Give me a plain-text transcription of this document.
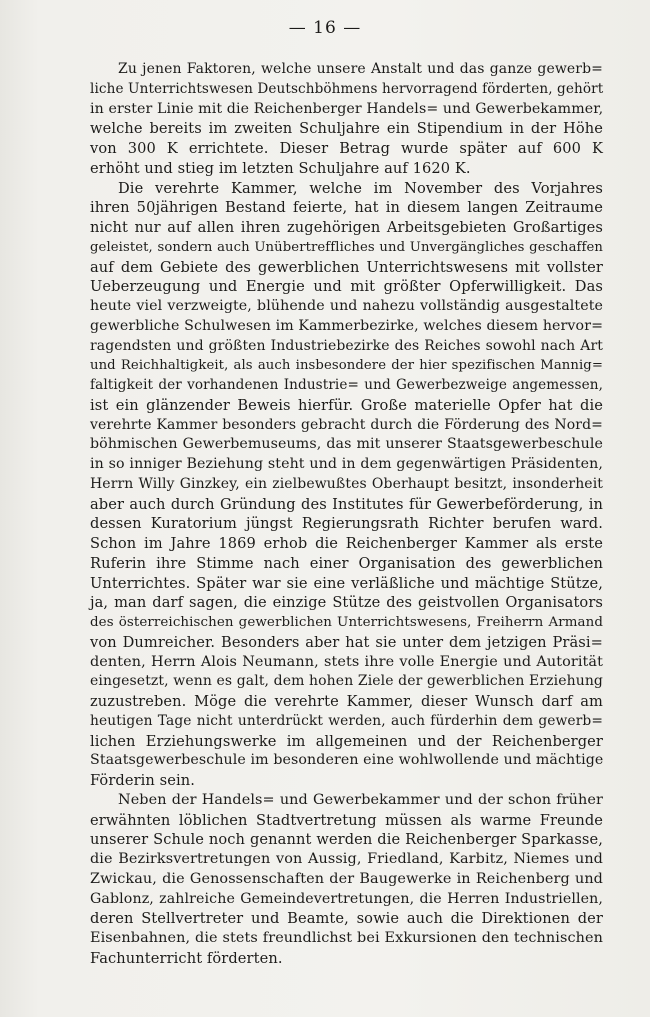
— 16 —
Zu jenen Faktoren, welche unsere Anstalt und das ganze gewerb=
liche Unterrichtswesen Deutschböhmens hervorragend förderten, gehört
in erster Linie mit die Reichenberger Handels= und Gewerbekammer,
welche bereits im zweiten Schuljahre ein Stipendium in der Höhe
von 300 K errichtete. Dieser Betrag wurde später auf 600 K
erhöht und stieg im letzten Schuljahre auf 1620 K.
Die verehrte Kammer, welche im November des Vorjahres
ihren 50jährigen Bestand feierte, hat in diesem langen Zeitraume
nicht nur auf allen ihren zugehörigen Arbeitsgebieten Großartiges
geleistet, sondern auch Unübertreffliches und Unvergängliches geschaffen
auf dem Gebiete des gewerblichen Unterrichtswesens mit vollster
Ueberzeugung und Energie und mit größter Opferwilligkeit. Das
heute viel verzweigte, blühende und nahezu vollständig ausgestaltete
gewerbliche Schulwesen im Kammerbezirke, welches diesem hervor=
ragendsten und größten Industriebezirke des Reiches sowohl nach Art
und Reichhaltigkeit, als auch insbesondere der hier spezifischen Mannig=
faltigkeit der vorhandenen Industrie= und Gewerbezweige angemessen,
ist ein glänzender Beweis hierfür. Große materielle Opfer hat die
verehrte Kammer besonders gebracht durch die Förderung des Nord=
böhmischen Gewerbemuseums, das mit unserer Staatsgewerbeschule
in so inniger Beziehung steht und in dem gegenwärtigen Präsidenten,
Herrn Willy Ginzkey, ein zielbewußtes Oberhaupt besitzt, insonderheit
aber auch durch Gründung des Institutes für Gewerbeförderung, in
dessen Kuratorium jüngst Regierungsrath Richter berufen ward.
Schon im Jahre 1869 erhob die Reichenberger Kammer als erste
Ruferin ihre Stimme nach einer Organisation des gewerblichen
Unterrichtes. Später war sie eine verläßliche und mächtige Stütze,
ja, man darf sagen, die einzige Stütze des geistvollen Organisators
des österreichischen gewerblichen Unterrichtswesens, Freiherrn Armand
von Dumreicher. Besonders aber hat sie unter dem jetzigen Präsi=
denten, Herrn Alois Neumann, stets ihre volle Energie und Autorität
eingesetzt, wenn es galt, dem hohen Ziele der gewerblichen Erziehung
zuzustreben. Möge die verehrte Kammer, dieser Wunsch darf am
heutigen Tage nicht unterdrückt werden, auch fürderhin dem gewerb=
lichen Erziehungswerke im allgemeinen und der Reichenberger
Staatsgewerbeschule im besonderen eine wohlwollende und mächtige
Förderin sein.
Neben der Handels= und Gewerbekammer und der schon früher
erwähnten löblichen Stadtvertretung müssen als warme Freunde
unserer Schule noch genannt werden die Reichenberger Sparkasse,
die Bezirksvertretungen von Aussig, Friedland, Karbitz, Niemes und
Zwickau, die Genossenschaften der Baugewerke in Reichenberg und
Gablonz, zahlreiche Gemeindevertretungen, die Herren Industriellen,
deren Stellvertreter und Beamte, sowie auch die Direktionen der
Eisenbahnen, die stets freundlichst bei Exkursionen den technischen
Fachunterricht förderten.
